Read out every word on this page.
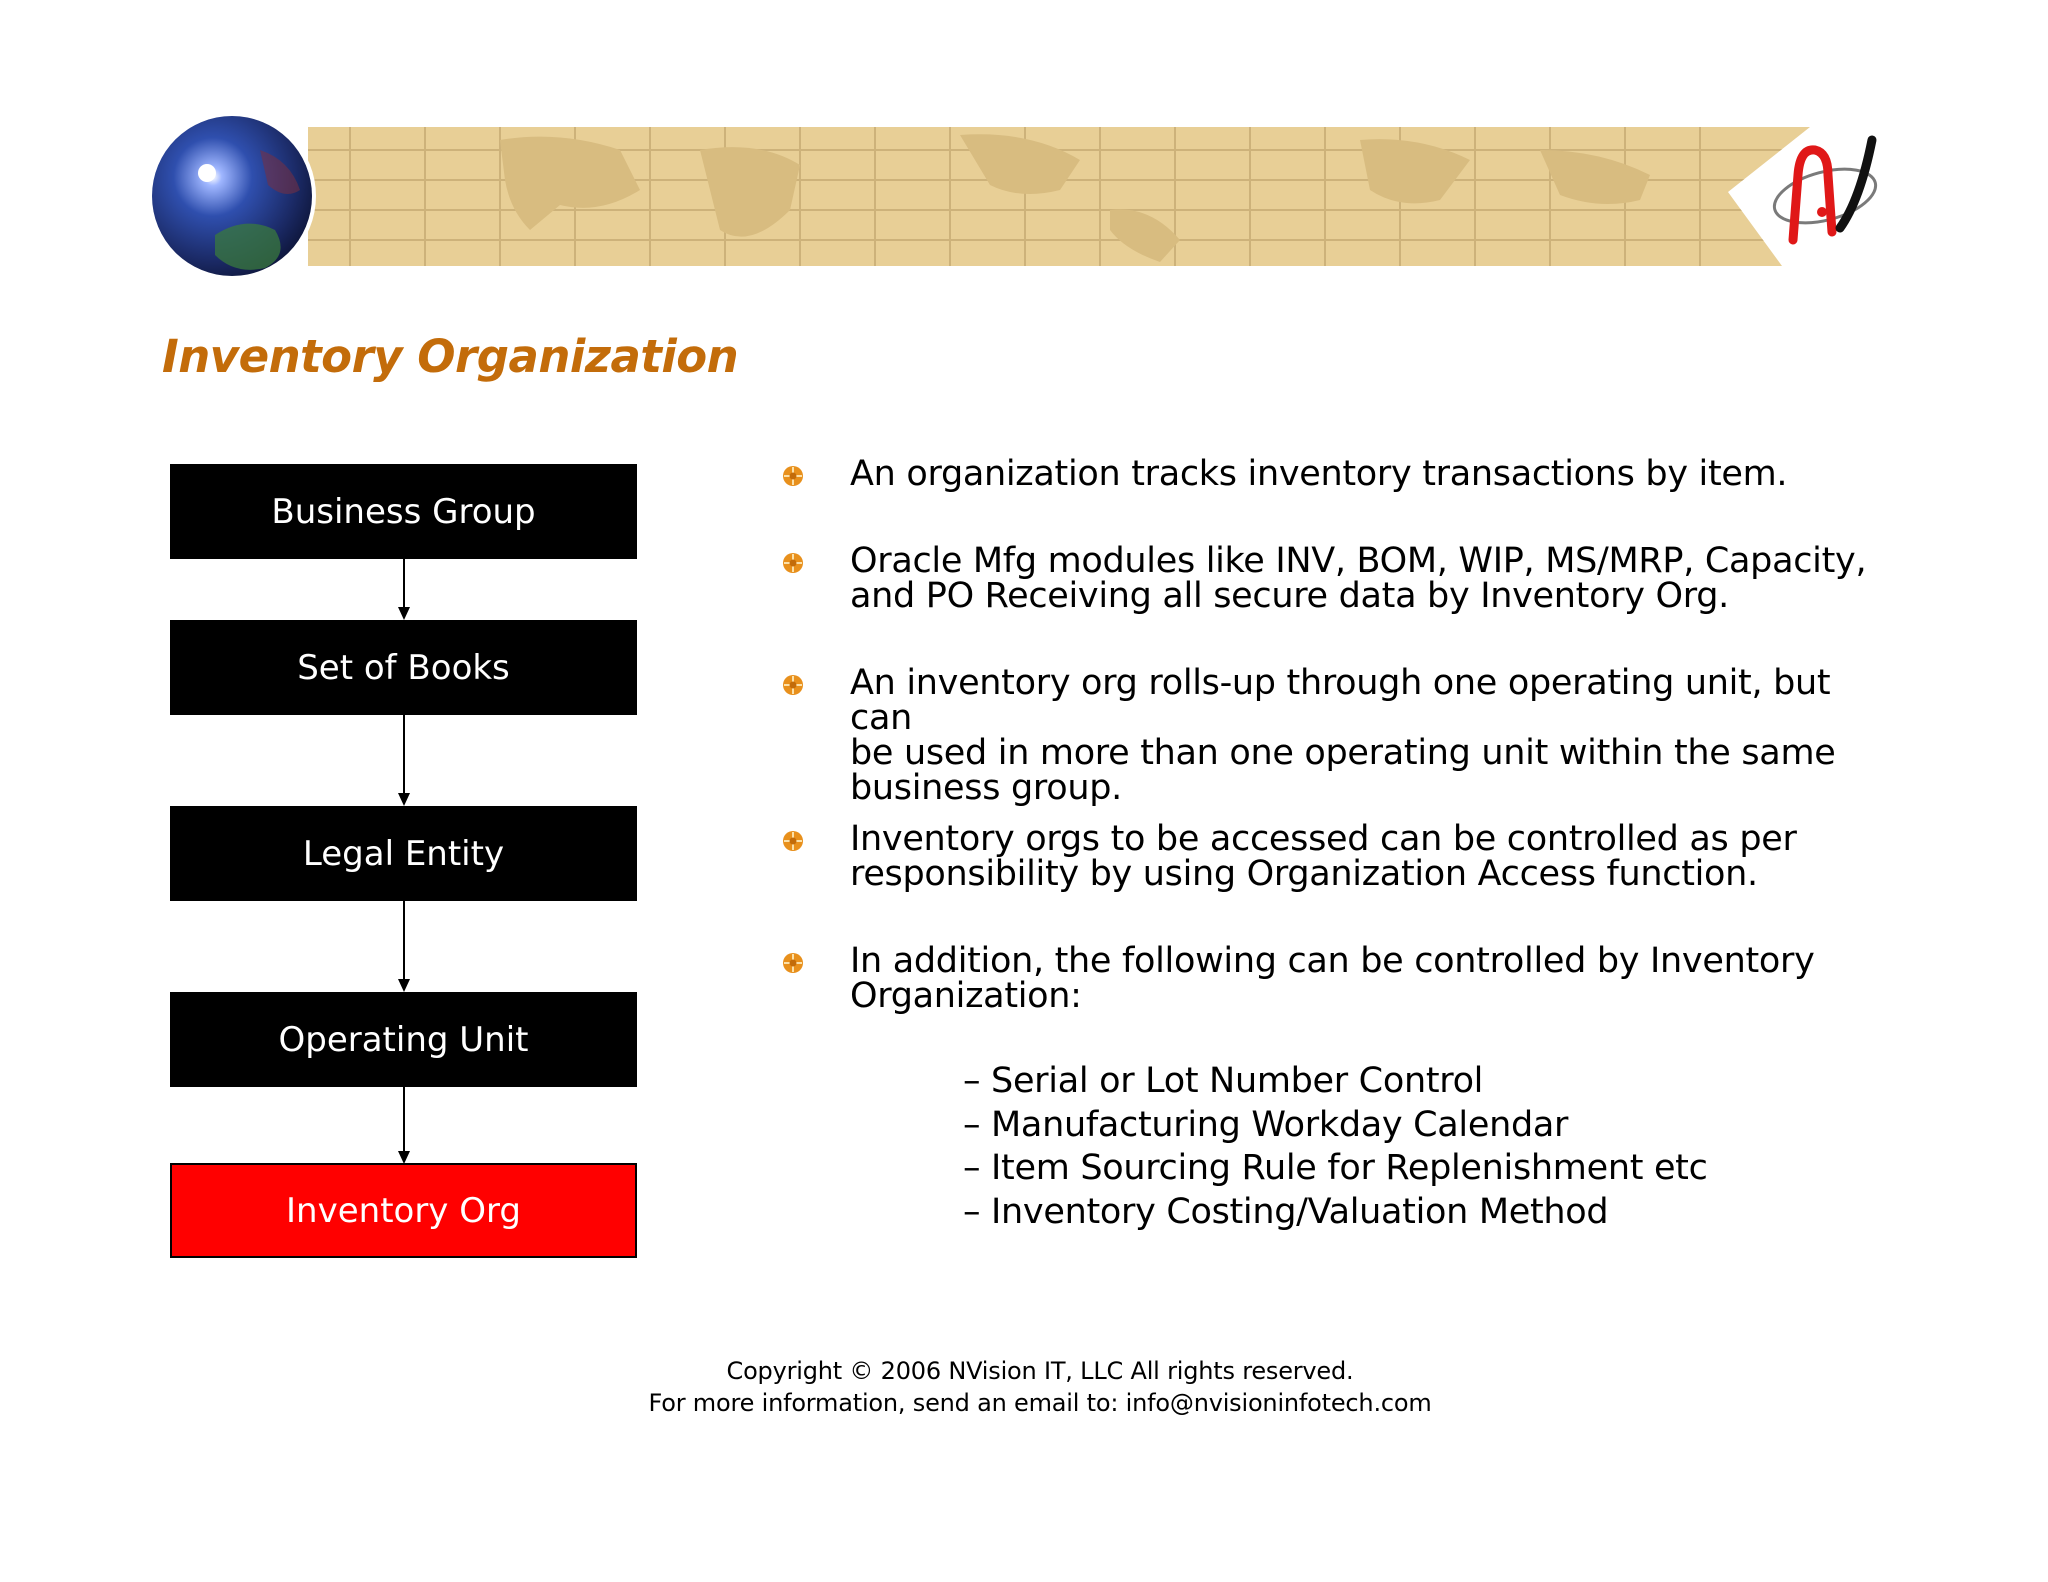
Inventory Organization
Business Group
Set of Books
Legal Entity
Operating Unit
Inventory Org
An organization tracks inventory transactions by item.
Oracle Mfg modules like INV, BOM, WIP, MS/MRP, Capacity,
and PO Receiving all secure data by Inventory Org.
An inventory org rolls-up through one operating unit, but can
be used in more than one operating unit within the same
business group.
Inventory orgs to be accessed can be controlled as per
responsibility by using Organization Access function.
In addition, the following can be controlled by Inventory
Organization:
– Serial or Lot Number Control
– Manufacturing Workday Calendar
– Item Sourcing Rule for Replenishment etc
– Inventory Costing/Valuation Method
Copyright © 2006 NVision IT, LLC All rights reserved.
For more information, send an email to: info@nvisioninfotech.com
